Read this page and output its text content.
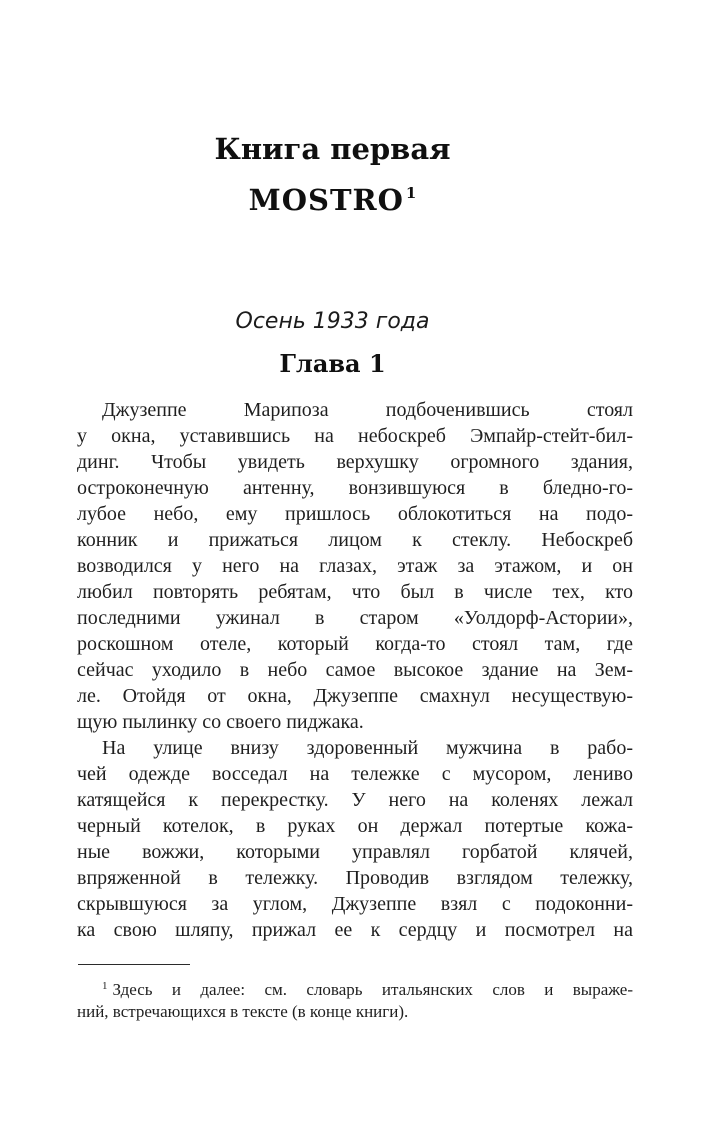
Книга первая
MOSTRO $^1$
Осень 1933 года
Глава 1
Джузеппе Марипоза подбоченившись стоял
у окна, уставившись на небоскреб Эмпайр-стейт-бил-
динг. Чтобы увидеть верхушку огромного здания,
остроконечную антенну, вонзившуюся в бледно-го-
лубое небо, ему пришлось облокотиться на подо-
конник и прижаться лицом к стеклу. Небоскреб
возводился у него на глазах, этаж за этажом, и он
любил повторять ребятам, что был в числе тех, кто
последними ужинал в старом «Уолдорф-Астории»,
роскошном отеле, который когда-то стоял там, где
сейчас уходило в небо самое высокое здание на Зем-
ле. Отойдя от окна, Джузеппе смахнул несуществую-
щую пылинку со своего пиджака.
На улице внизу здоровенный мужчина в рабо-
чей одежде восседал на тележке с мусором, лениво
катящейся к перекрестку. У него на коленях лежал
черный котелок, в руках он держал потертые кожа-
ные вожжи, которыми управлял горбатой клячей,
впряженной в тележку. Проводив взглядом тележку,
скрывшуюся за углом, Джузеппе взял с подоконни-
ка свою шляпу, прижал ее к сердцу и посмотрел на
$^1$ Здесь и далее: см. словарь итальянских слов и выраже-
ний, встречающихся в тексте (в конце книги).
